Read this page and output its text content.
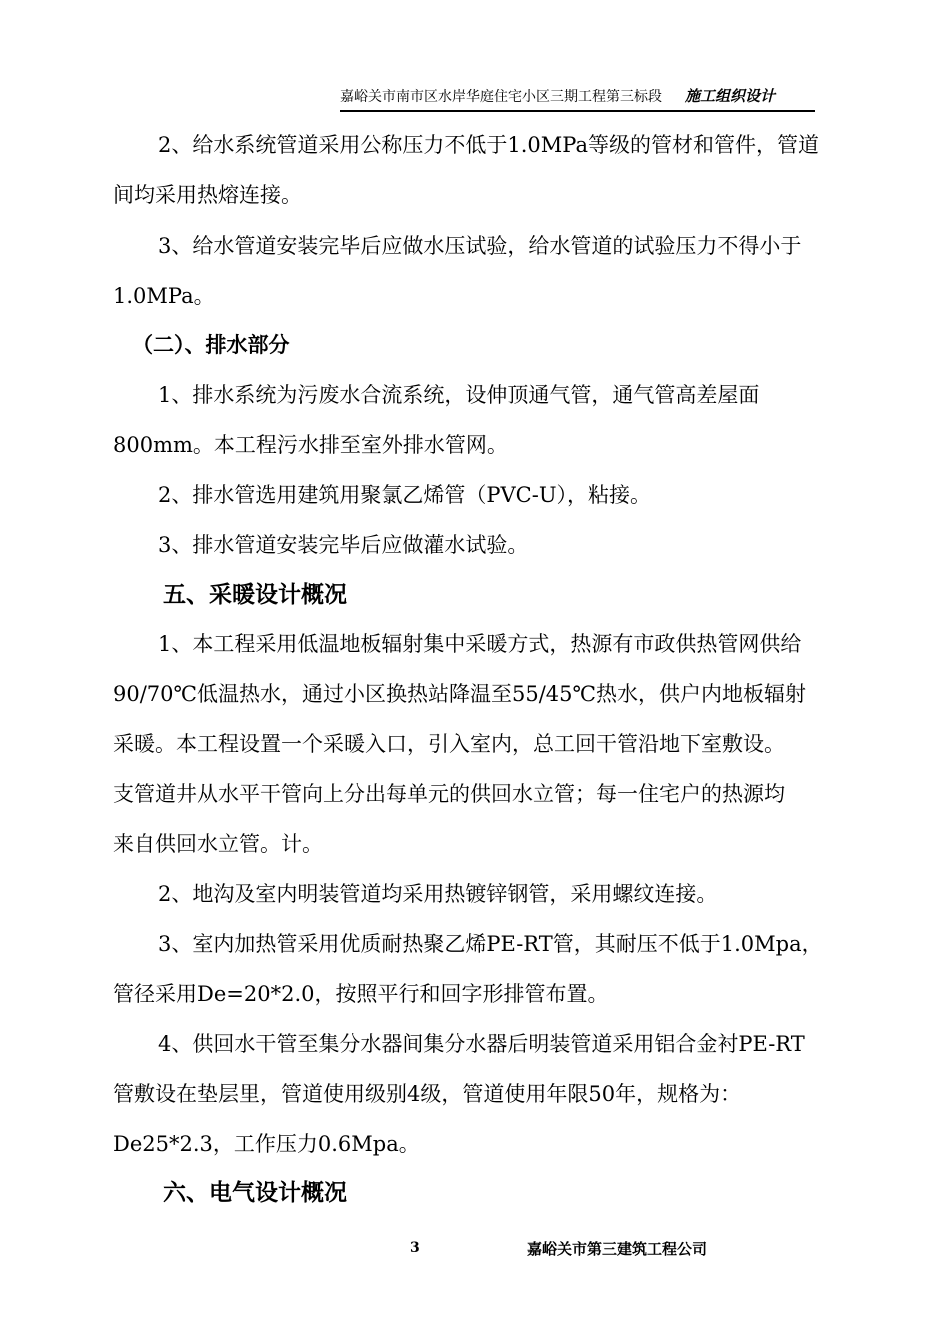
嘉峪关市南市区水岸华庭住宅小区三期工程第三标段 施工组织设计
2、给水系统管道采用公称压力不低于1.0MPa等级的管材和管件，管道
间均采用热熔连接。
3、给水管道安装完毕后应做水压试验，给水管道的试验压力不得小于
1.0MPa。
（二）、排水部分
1、排水系统为污废水合流系统，设伸顶通气管，通气管高差屋面
800mm。本工程污水排至室外排水管网。
2、排水管选用建筑用聚氯乙烯管（PVC-U），粘接。
3、排水管道安装完毕后应做灌水试验。
五、采暖设计概况
1、本工程采用低温地板辐射集中采暖方式，热源有市政供热管网供给
90/70℃低温热水，通过小区换热站降温至55/45℃热水，供户内地板辐射
采暖。本工程设置一个采暖入口，引入室内，总工回干管沿地下室敷设。
支管道井从水平干管向上分出每单元的供回水立管；每一住宅户的热源均
来自供回水立管。计。
2、地沟及室内明装管道均采用热镀锌钢管，采用螺纹连接。
3、室内加热管采用优质耐热聚乙烯PE-RT管，其耐压不低于1.0Mpa，
管径采用De=20*2.0，按照平行和回字形排管布置。
4、供回水干管至集分水器间集分水器后明装管道采用铝合金衬PE-RT
管敷设在垫层里，管道使用级别4级，管道使用年限50年，规格为：
De25*2.3，工作压力0.6Mpa。
六、电气设计概况
3	嘉峪关市第三建筑工程公司
